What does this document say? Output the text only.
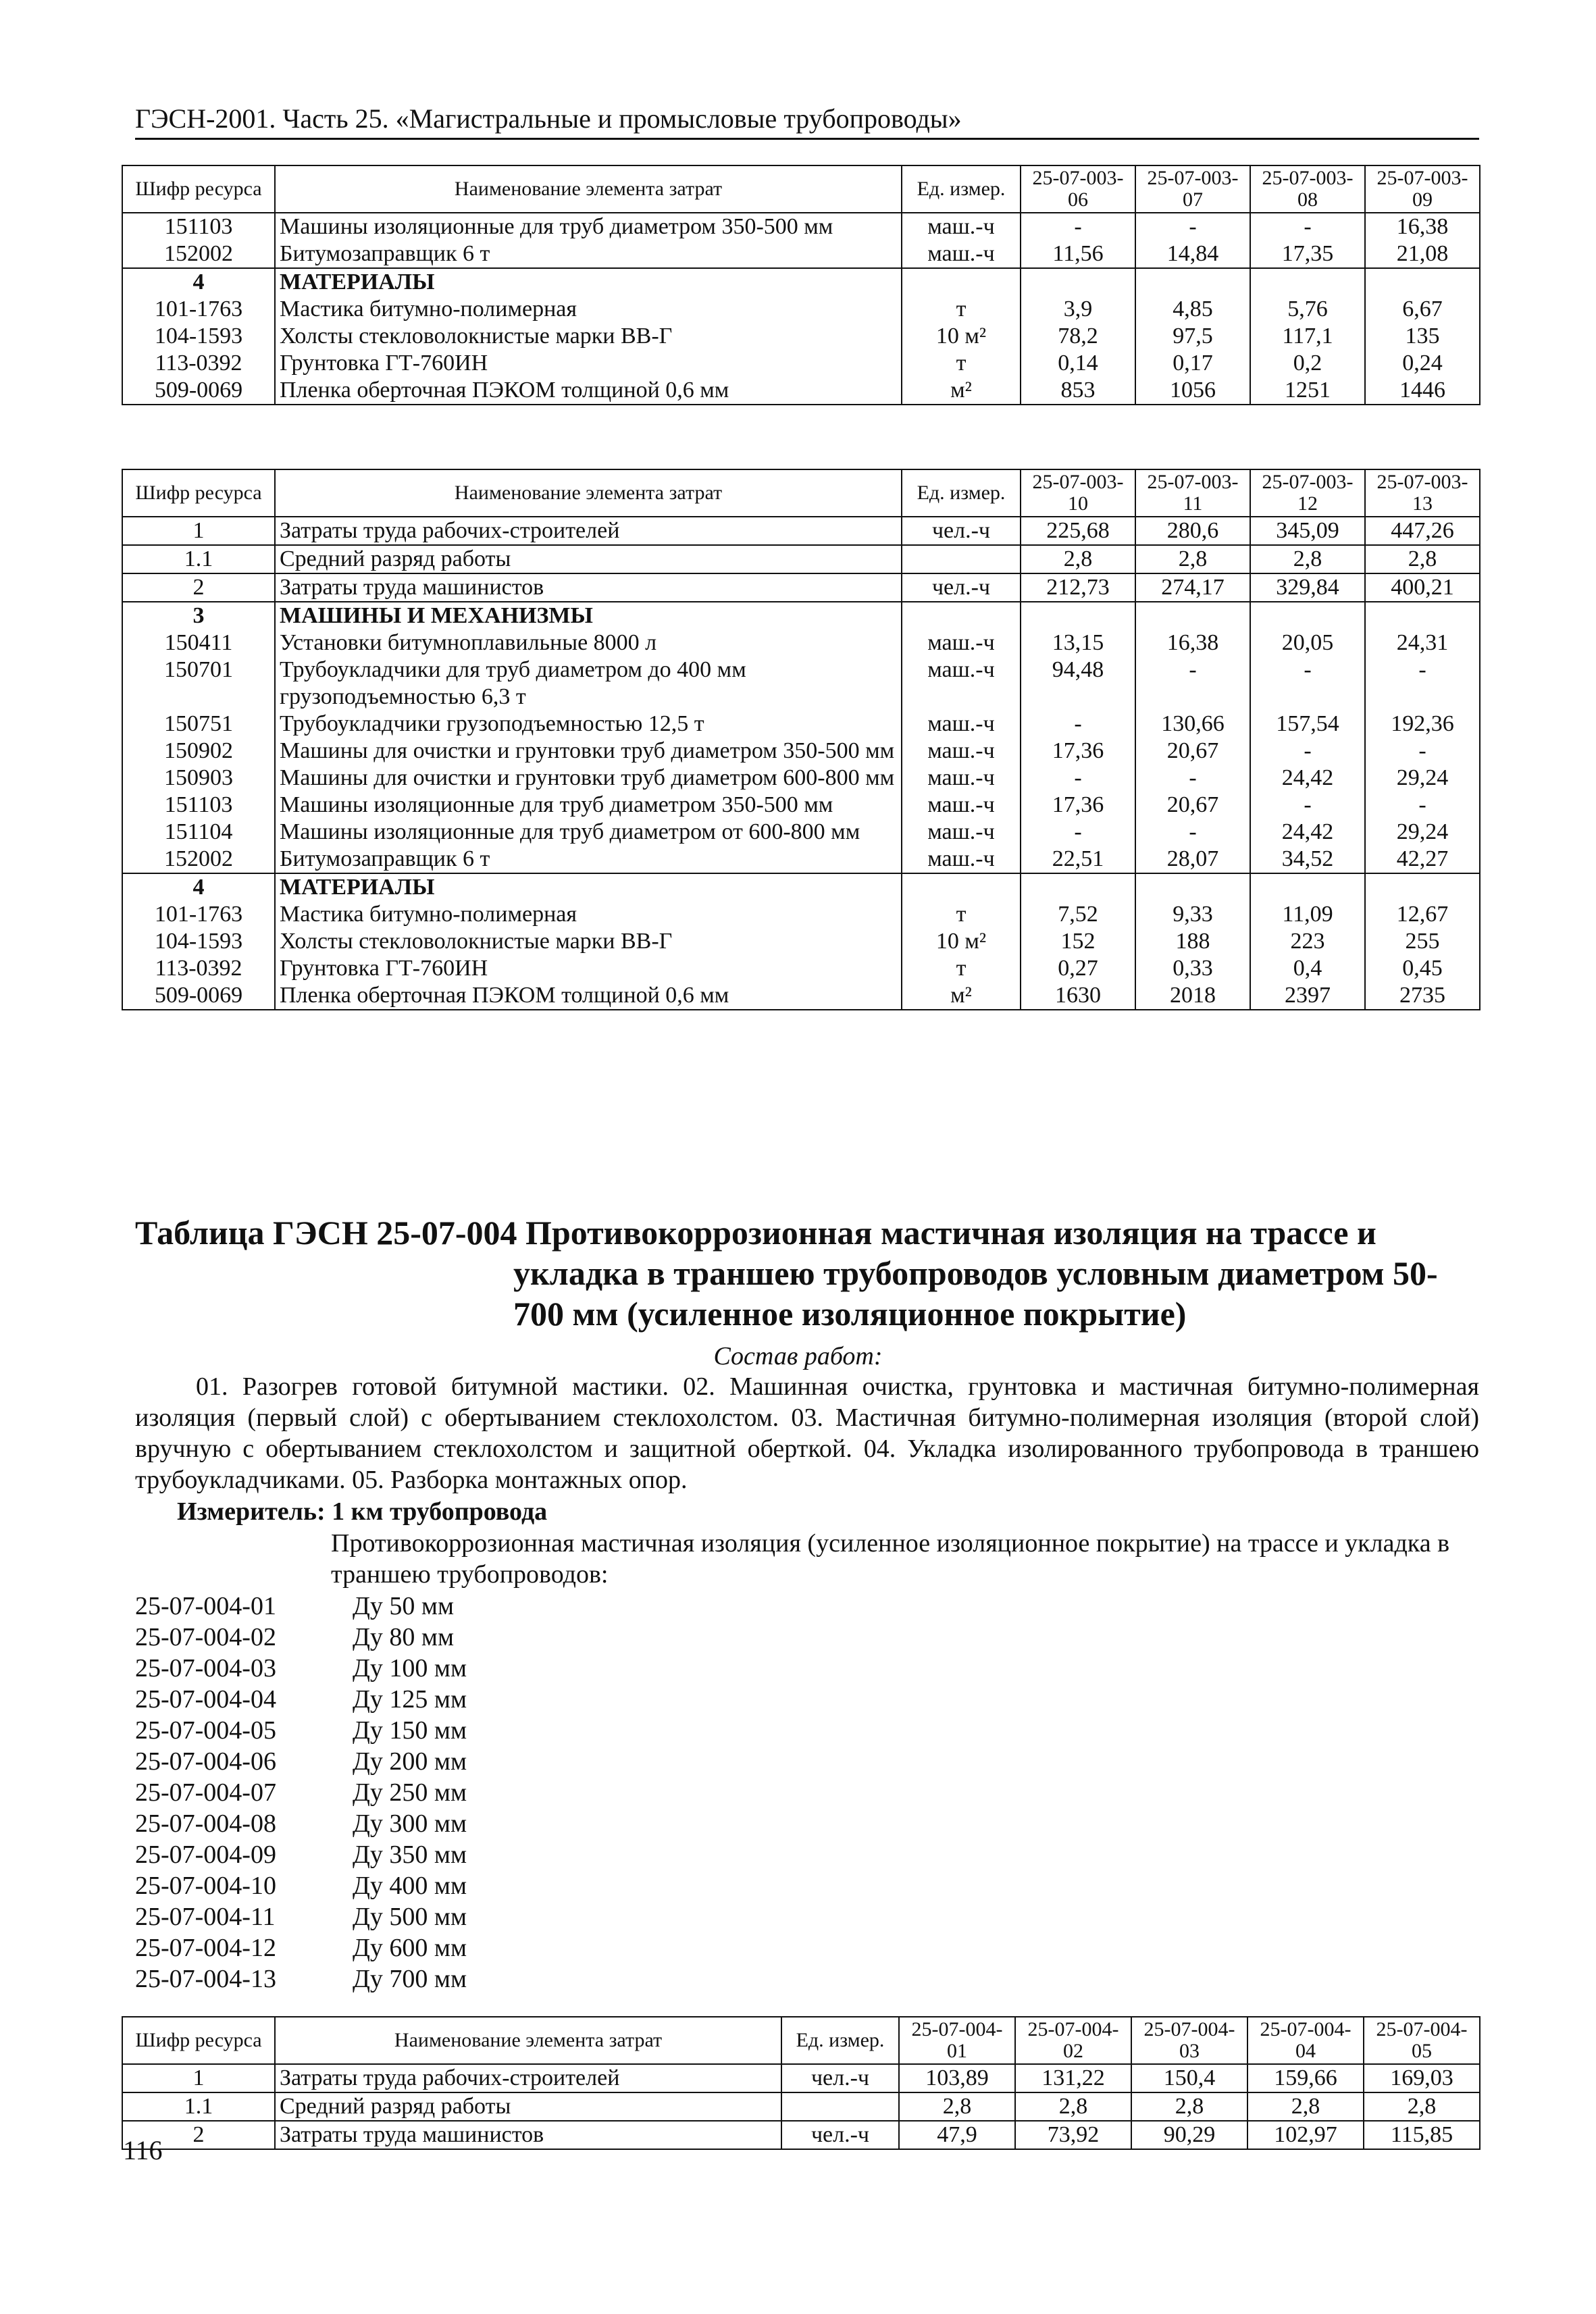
ГЭСН-2001. Часть 25. «Магистральные и промысловые трубопроводы»
Шифр ресурса	Наименование элемента затрат	Ед. измер.	25-07-003-06	25-07-003-07	25-07-003-08	25-07-003-09
151103	Машины изоляционные для труб диаметром 350-500 мм	маш.-ч	-	-	-	16,38
152002	Битумозаправщик 6 т	маш.-ч	11,56	14,84	17,35	21,08
4	МАТЕРИАЛЫ					
101-1763	Мастика битумно-полимерная	т	3,9	4,85	5,76	6,67
104-1593	Холсты стекловолокнистые марки ВВ-Г	10 м²	78,2	97,5	117,1	135
113-0392	Грунтовка ГТ-760ИН	т	0,14	0,17	0,2	0,24
509-0069	Пленка оберточная ПЭКОМ толщиной 0,6 мм	м²	853	1056	1251	1446
Шифр ресурса	Наименование элемента затрат	Ед. измер.	25-07-003-10	25-07-003-11	25-07-003-12	25-07-003-13
1	Затраты труда рабочих-строителей	чел.-ч	225,68	280,6	345,09	447,26
1.1	Средний разряд работы		2,8	2,8	2,8	2,8
2	Затраты труда машинистов	чел.-ч	212,73	274,17	329,84	400,21
3	МАШИНЫ И МЕХАНИЗМЫ					
150411	Установки битумноплавильные 8000 л	маш.-ч	13,15	16,38	20,05	24,31
150701	Трубоукладчики для труб диаметром до 400 мм грузоподъемностью 6,3 т	маш.-ч	94,48	-	-	-
150751	Трубоукладчики грузоподъемностью 12,5 т	маш.-ч	-	130,66	157,54	192,36
150902	Машины для очистки и грунтовки труб диаметром 350-500 мм	маш.-ч	17,36	20,67	-	-
150903	Машины для очистки и грунтовки труб диаметром 600-800 мм	маш.-ч	-	-	24,42	29,24
151103	Машины изоляционные для труб диаметром 350-500 мм	маш.-ч	17,36	20,67	-	-
151104	Машины изоляционные для труб диаметром от 600-800 мм	маш.-ч	-	-	24,42	29,24
152002	Битумозаправщик 6 т	маш.-ч	22,51	28,07	34,52	42,27
4	МАТЕРИАЛЫ					
101-1763	Мастика битумно-полимерная	т	7,52	9,33	11,09	12,67
104-1593	Холсты стекловолокнистые марки ВВ-Г	10 м²	152	188	223	255
113-0392	Грунтовка ГТ-760ИН	т	0,27	0,33	0,4	0,45
509-0069	Пленка оберточная ПЭКОМ толщиной 0,6 мм	м²	1630	2018	2397	2735
Таблица ГЭСН 25-07-004 Противокоррозионная мастичная изоляция на трассе и
укладка в траншею трубопроводов условным диаметром 50-
700 мм (усиленное изоляционное покрытие)
Состав работ:
01. Разогрев готовой битумной мастики. 02. Машинная очистка, грунтовка и мастичная битумно-полимерная изоляция (первый слой) с обертыванием стеклохолстом. 03. Мастичная битумно-полимерная изоляция (второй слой) вручную с обертыванием стеклохолстом и защитной оберткой. 04. Укладка изолированного трубопровода в траншею трубоукладчиками. 05. Разборка монтажных опор.
Измеритель: 1 км трубопровода
Противокоррозионная мастичная изоляция (усиленное изоляционное покрытие) на трассе и укладка в траншею трубопроводов:
25-07-004-01	Ду 50 мм
25-07-004-02	Ду 80 мм
25-07-004-03	Ду 100 мм
25-07-004-04	Ду 125 мм
25-07-004-05	Ду 150 мм
25-07-004-06	Ду 200 мм
25-07-004-07	Ду 250 мм
25-07-004-08	Ду 300 мм
25-07-004-09	Ду 350 мм
25-07-004-10	Ду 400 мм
25-07-004-11	Ду 500 мм
25-07-004-12	Ду 600 мм
25-07-004-13	Ду 700 мм
Шифр ресурса	Наименование элемента затрат	Ед. измер.	25-07-004-01	25-07-004-02	25-07-004-03	25-07-004-04	25-07-004-05
1	Затраты труда рабочих-строителей	чел.-ч	103,89	131,22	150,4	159,66	169,03
1.1	Средний разряд работы		2,8	2,8	2,8	2,8	2,8
2	Затраты труда машинистов	чел.-ч	47,9	73,92	90,29	102,97	115,85
116
